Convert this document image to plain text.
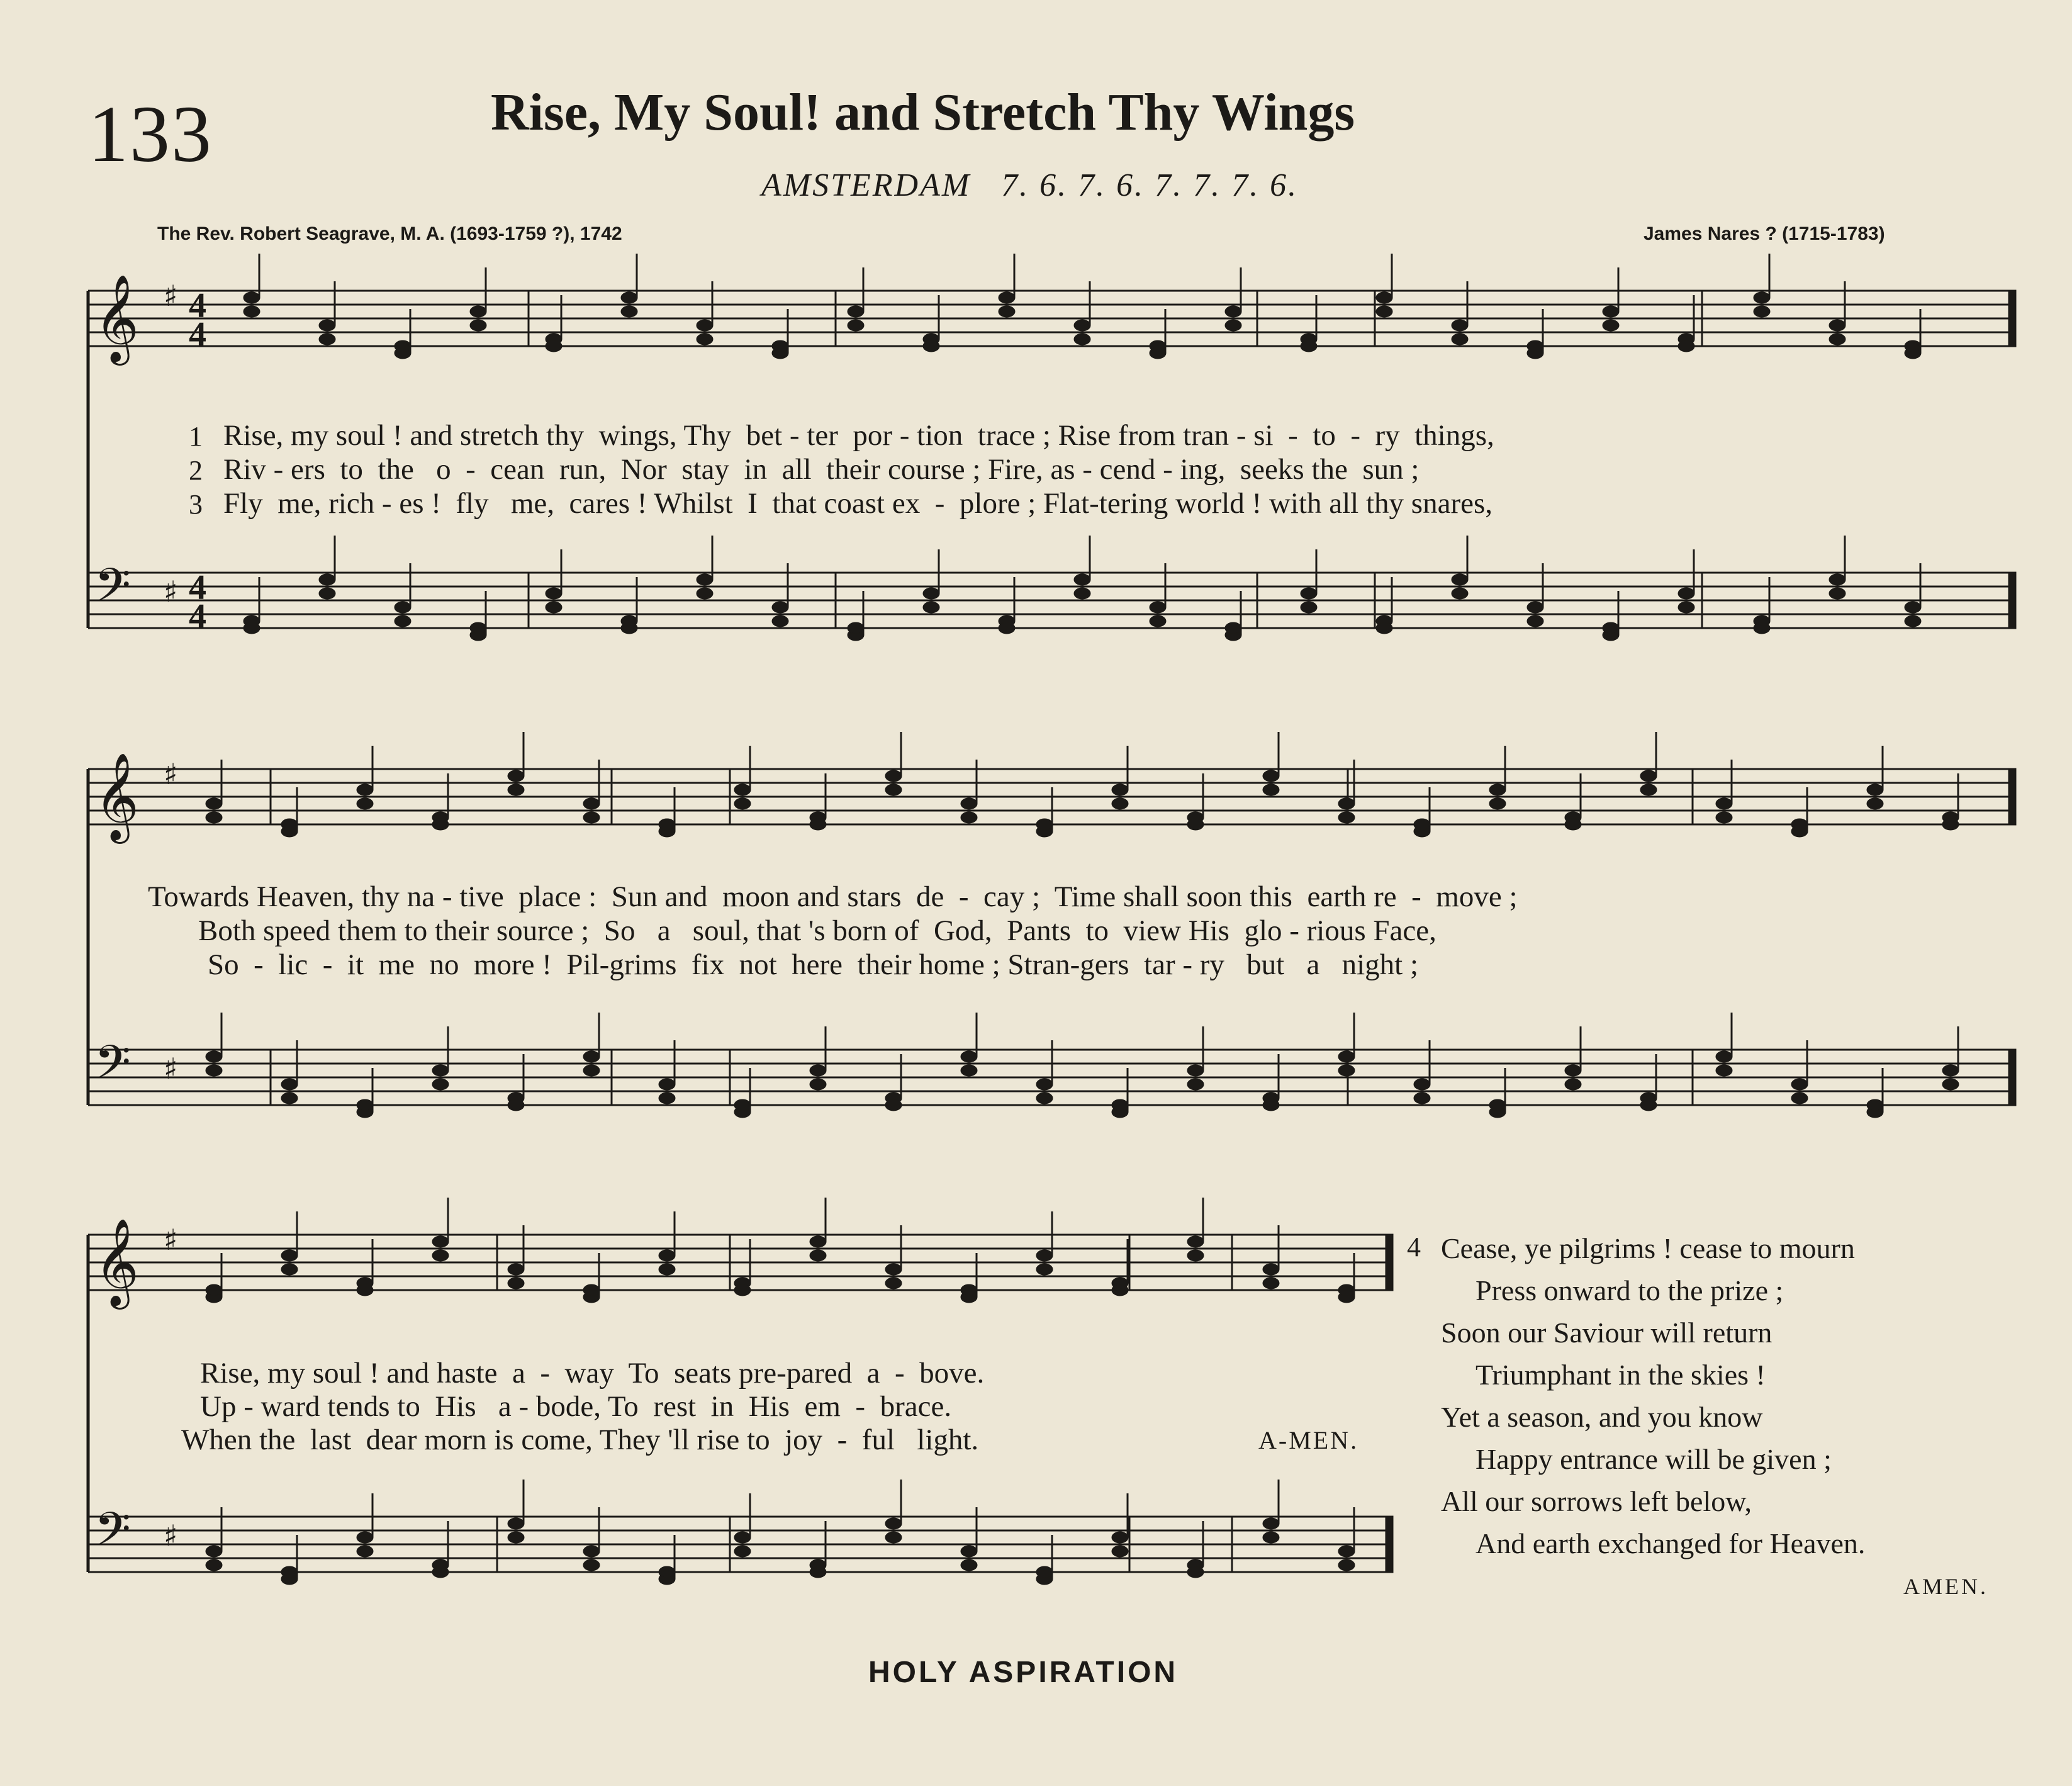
133	Rise, My Soul! and Stretch Thy Wings
AMSTERDAM 7. 6. 7. 6. 7. 7. 7. 6.
The Rev. Robert Seagrave, M. A. (1693-1759 ?), 1742	James Nares ? (1715-1783)
𝄞 ♯ 4
4
𝄢 ♯ 4
4
𝄞 ♯
𝄢 ♯
𝄞 ♯
𝄢 ♯
1 Rise, my soul ! and stretch thy  wings, Thy  bet - ter  por - tion  trace ; Rise from tran - si  -  to  -  ry  things,
2 Riv - ers  to  the   o  -  cean  run,  Nor  stay  in  all  their course ; Fire, as - cend - ing,  seeks the  sun ;
3 Fly  me, rich - es !  fly   me,  cares ! Whilst  I  that coast ex  -  plore ; Flat-tering world ! with all thy snares,
Towards Heaven, thy na - tive  place :  Sun and  moon and stars  de  -  cay ;  Time shall soon this  earth re  -  move ;
Both speed them to their source ;  So   a   soul, that 's born of  God,  Pants  to  view His  glo - rious Face,
So  -  lic  -  it  me  no  more !  Pil-grims  fix  not  here  their home ; Stran-gers  tar - ry   but   a   night ;
Rise, my soul ! and haste  a  -  way  To  seats pre-pared  a  -  bove.
Up - ward tends to  His   a - bode, To  rest  in  His  em  -  brace.
When the  last  dear morn is come, They 'll rise to  joy  -  ful   light.	A-MEN.
4 Cease, ye pilgrims ! cease to mourn
Press onward to the prize ;
Soon our Saviour will return
Triumphant in the skies !
Yet a season, and you know
Happy entrance will be given ;
All our sorrows left below,
And earth exchanged for Heaven.
AMEN.
HOLY ASPIRATION
